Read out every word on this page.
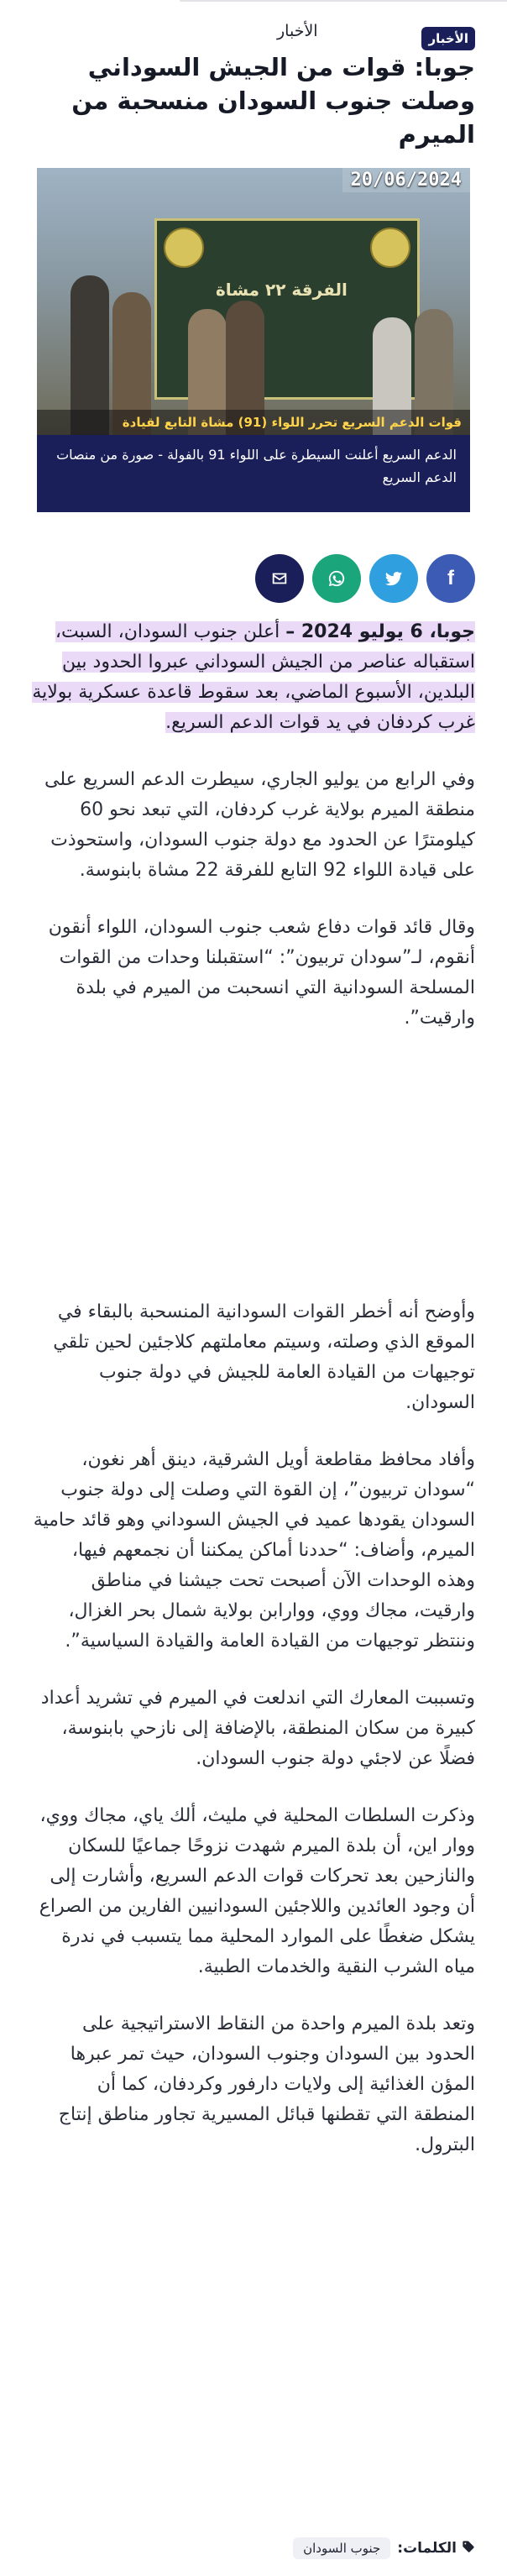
الأخبار	الأخبار
جوبا: قوات من الجيش السوداني وصلت جنوب السودان منسحبة من الميرم
الفرقة ٢٢ مشاة
20/06/2024
قوات الدعم السريع تحرر اللواء (91) مشاة التابع لقيادة
الدعم السريع أعلنت السيطرة على اللواء 91 بالفولة - صورة من منصات الدعم السريع
f

جوبا، 6 يوليو 2024 – أعلن جنوب السودان، السبت، استقباله عناصر من الجيش السوداني عبروا الحدود بين البلدين، الأسبوع الماضي، بعد سقوط قاعدة عسكرية بولاية غرب كردفان في يد قوات الدعم السريع.

وفي الرابع من يوليو الجاري، سيطرت الدعم السريع على منطقة الميرم بولاية غرب كردفان، التي تبعد نحو 60 كيلومترًا عن الحدود مع دولة جنوب السودان، واستحوذت على قيادة اللواء 92 التابع للفرقة 22 مشاة بابنوسة.

وقال قائد قوات دفاع شعب جنوب السودان، اللواء أنقون أنقوم، لـ”سودان تربيون”: “استقبلنا وحدات من القوات المسلحة السودانية التي انسحبت من الميرم في بلدة وارقيت”.

وأوضح أنه أخطر القوات السودانية المنسحبة بالبقاء في الموقع الذي وصلته، وسيتم معاملتهم كلاجئين لحين تلقي توجيهات من القيادة العامة للجيش في دولة جنوب السودان.

وأفاد محافظ مقاطعة أويل الشرقية، دينق أهر نغون، “سودان تربيون”، إن القوة التي وصلت إلى دولة جنوب السودان يقودها عميد في الجيش السوداني وهو قائد حامية الميرم، وأضاف: “حددنا أماكن يمكننا أن نجمعهم فيها، وهذه الوحدات الآن أصبحت تحت جيشنا في مناطق وارقيت، مجاك ووي، ووارابن بولاية شمال بحر الغزال، وننتظر توجيهات من القيادة العامة والقيادة السياسية”.

وتسببت المعارك التي اندلعت في الميرم في تشريد أعداد كبيرة من سكان المنطقة، بالإضافة إلى نازحي بابنوسة، فضلًا عن لاجئي دولة جنوب السودان.

وذكرت السلطات المحلية في مليث، ألك ياي، مجاك ووي، ووار اين، أن بلدة الميرم شهدت نزوحًا جماعيًا للسكان والنازحين بعد تحركات قوات الدعم السريع، وأشارت إلى أن وجود العائدين واللاجئين السودانيين الفارين من الصراع يشكل ضغطًا على الموارد المحلية مما يتسبب في ندرة مياه الشرب النقية والخدمات الطبية.

وتعد بلدة الميرم واحدة من النقاط الاستراتيجية على الحدود بين السودان وجنوب السودان، حيث تمر عبرها المؤن الغذائية إلى ولايات دارفور وكردفان، كما أن المنطقة التي تقطنها قبائل المسيرية تجاور مناطق إنتاج البترول.

الكلمات:
جنوب السودان
